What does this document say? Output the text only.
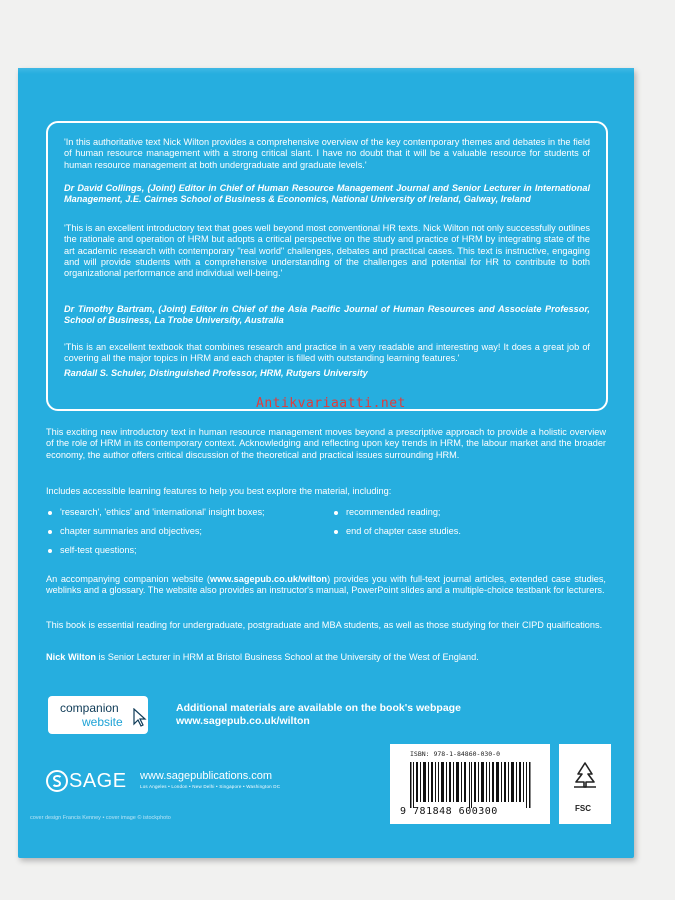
'In this authoritative text Nick Wilton provides a comprehensive overview of the key contemporary themes and debates in the field of human resource management with a strong critical slant. I have no doubt that it will be a valuable resource for students of human resource management at both undergraduate and graduate levels.'

Dr David Collings, (Joint) Editor in Chief of Human Resource Management Journal and Senior Lecturer in International Management, J.E. Cairnes School of Business & Economics, National University of Ireland, Galway, Ireland

'This is an excellent introductory text that goes well beyond most conventional HR texts. Nick Wilton not only successfully outlines the rationale and operation of HRM but adopts a critical perspective on the study and practice of HRM by integrating state of the art academic research with contemporary "real world" challenges, debates and practical cases. This text is instructive, engaging and will provide students with a comprehensive understanding of the challenges and potential for HR to contribute to both organizational performance and individual well-being.'

Dr Timothy Bartram, (Joint) Editor in Chief of the Asia Pacific Journal of Human Resources and Associate Professor, School of Business, La Trobe University, Australia

'This is an excellent textbook that combines research and practice in a very readable and interesting way! It does a great job of covering all the major topics in HRM and each chapter is filled with outstanding learning features.'

Randall S. Schuler, Distinguished Professor, HRM, Rutgers University

Antikvariaatti.net

This exciting new introductory text in human resource management moves beyond a prescriptive approach to provide a holistic overview of the role of HRM in its contemporary context. Acknowledging and reflecting upon key trends in HRM, the labour market and the broader economy, the author offers critical discussion of the theoretical and practical issues surrounding HRM.

Includes accessible learning features to help you best explore the material, including:

'research', 'ethics' and 'international' insight boxes;
chapter summaries and objectives;
self-test questions;
recommended reading;
end of chapter case studies.

An accompanying companion website (www.sagepub.co.uk/wilton) provides you with full-text journal articles, extended case studies, weblinks and a glossary. The website also provides an instructor's manual, PowerPoint slides and a multiple-choice testbank for lecturers.

This book is essential reading for undergraduate, postgraduate and MBA students, as well as those studying for their CIPD qualifications.

Nick Wilton is Senior Lecturer in HRM at Bristol Business School at the University of the West of England.

companion
website
Additional materials are available on the book's webpage
www.sagepub.co.uk/wilton
SAGE www.sagepublications.com
Los Angeles • London • New Delhi • Singapore • Washington DC
cover design Francis Kenney • cover image © istockphoto
ISBN: 978-1-84860-030-0
9 781848 600300	FSC
